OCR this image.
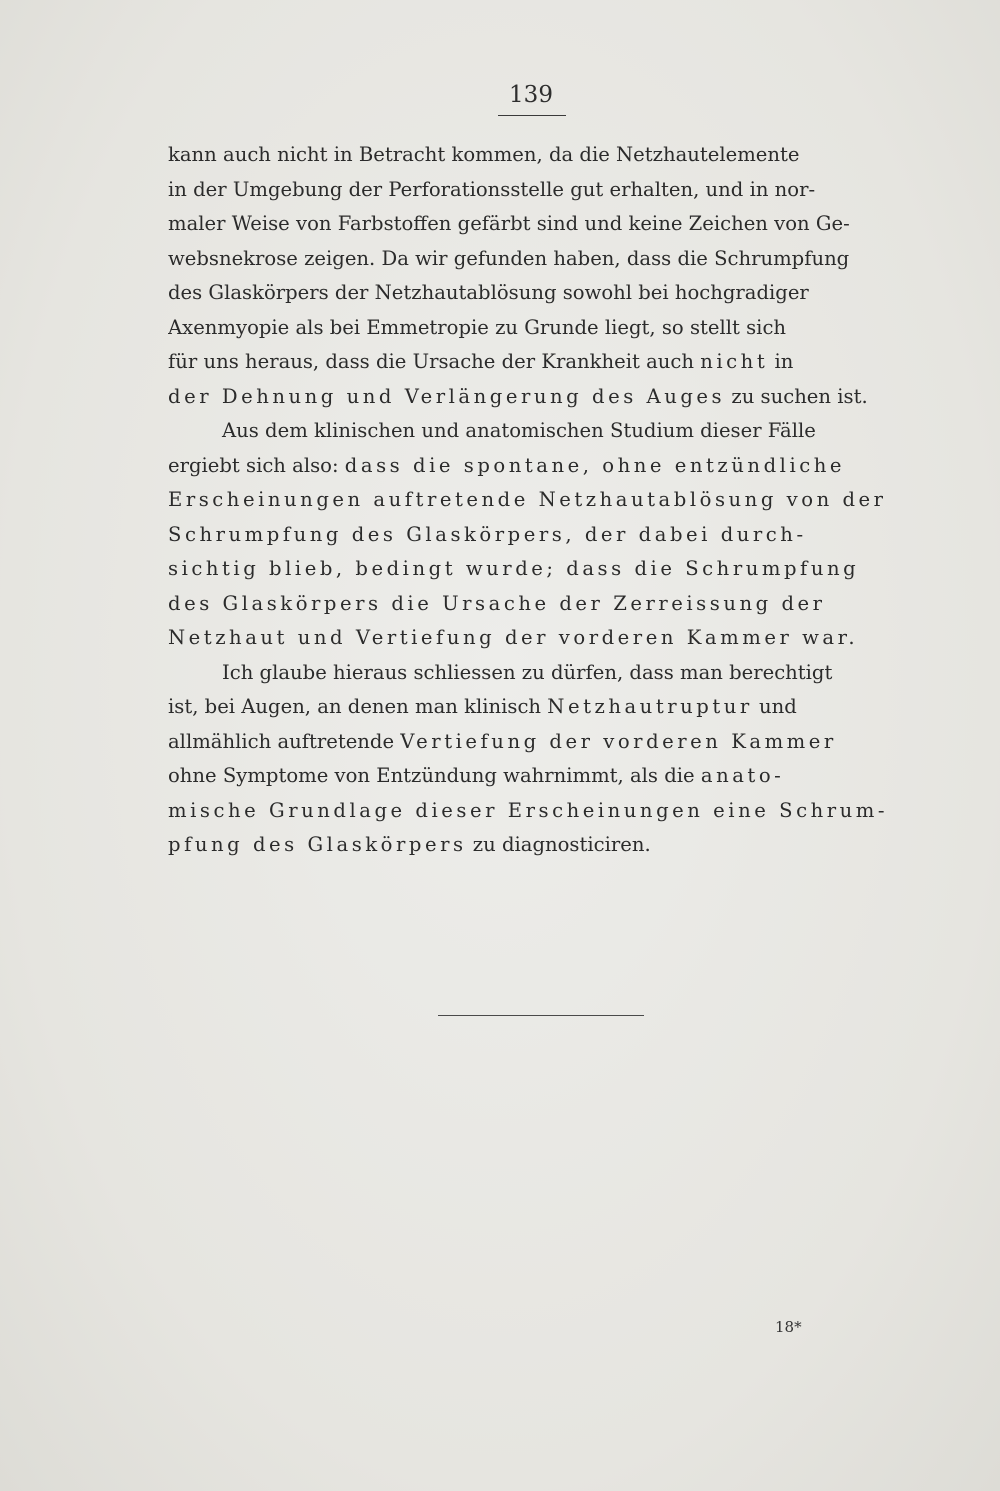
139
kann auch nicht in Betracht kommen, da die Netzhautelemente
in der Umgebung der Perforationsstelle gut erhalten, und in nor-
maler Weise von Farbstoffen gefärbt sind und keine Zeichen von Ge-
websnekrose zeigen. Da wir gefunden haben, dass die Schrumpfung
des Glaskörpers der Netzhautablösung sowohl bei hochgradiger
Axenmyopie als bei Emmetropie zu Grunde liegt, so stellt sich
für uns heraus, dass die Ursache der Krankheit auch nicht in
der Dehnung und Verlängerung des Auges zu suchen ist.
Aus dem klinischen und anatomischen Studium dieser Fälle
ergiebt sich also: dass die spontane, ohne entzündliche
Erscheinungen auftretende Netzhautablösung von der
Schrumpfung des Glaskörpers, der dabei durch-
sichtig blieb, bedingt wurde; dass die Schrumpfung
des Glaskörpers die Ursache der Zerreissung der
Netzhaut und Vertiefung der vorderen Kammer war.
Ich glaube hieraus schliessen zu dürfen, dass man berechtigt
ist, bei Augen, an denen man klinisch Netzhautruptur und
allmählich auftretende Vertiefung der vorderen Kammer
ohne Symptome von Entzündung wahrnimmt, als die anato-
mische Grundlage dieser Erscheinungen eine Schrum-
pfung des Glaskörpers zu diagnosticiren.
18*
